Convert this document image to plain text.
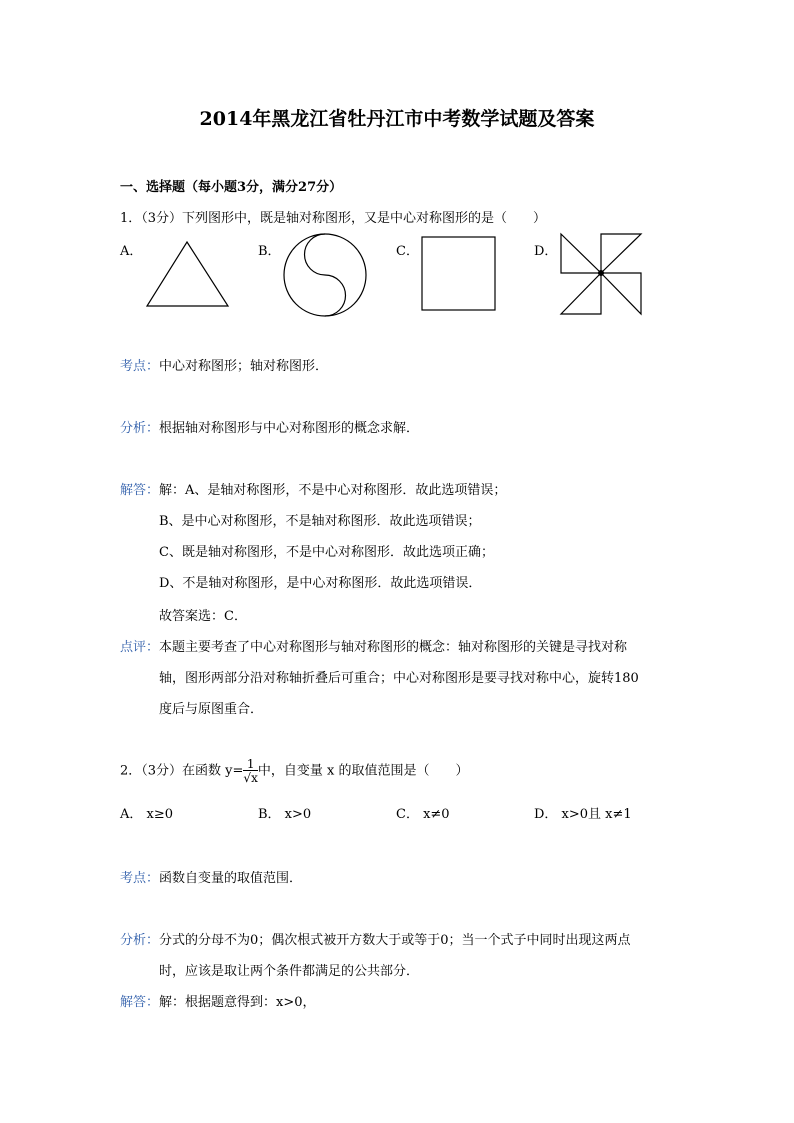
2014年黑龙江省牡丹江市中考数学试题及答案
一、选择题（每小题3分，满分27分）
1．（3分）下列图形中，既是轴对称图形，又是中心对称图形的是（　　）
A．	B．	C．	D．
考点：中心对称图形；轴对称图形．
分析：根据轴对称图形与中心对称图形的概念求解．
解答：解：A、是轴对称图形，不是中心对称图形．故此选项错误；
B、是中心对称图形，不是轴对称图形．故此选项错误；
C、既是轴对称图形，不是中心对称图形．故此选项正确；
D、不是轴对称图形，是中心对称图形．故此选项错误．
故答案选：C．
点评：本题主要考查了中心对称图形与轴对称图形的概念：轴对称图形的关键是寻找对称
轴，图形两部分沿对称轴折叠后可重合；中心对称图形是要寻找对称中心，旋转180
度后与原图重合．
2．（3分）在函数 $y= \frac{1}{√x}$ 中，自变量 x 的取值范围是（　　）
A． x≥0	B． x>0	C． x≠0	D． x>0且 x≠1
考点：函数自变量的取值范围．
分析：分式的分母不为0；偶次根式被开方数大于或等于0；当一个式子中同时出现这两点
时，应该是取让两个条件都满足的公共部分．
解答：解：根据题意得到：x>0，
